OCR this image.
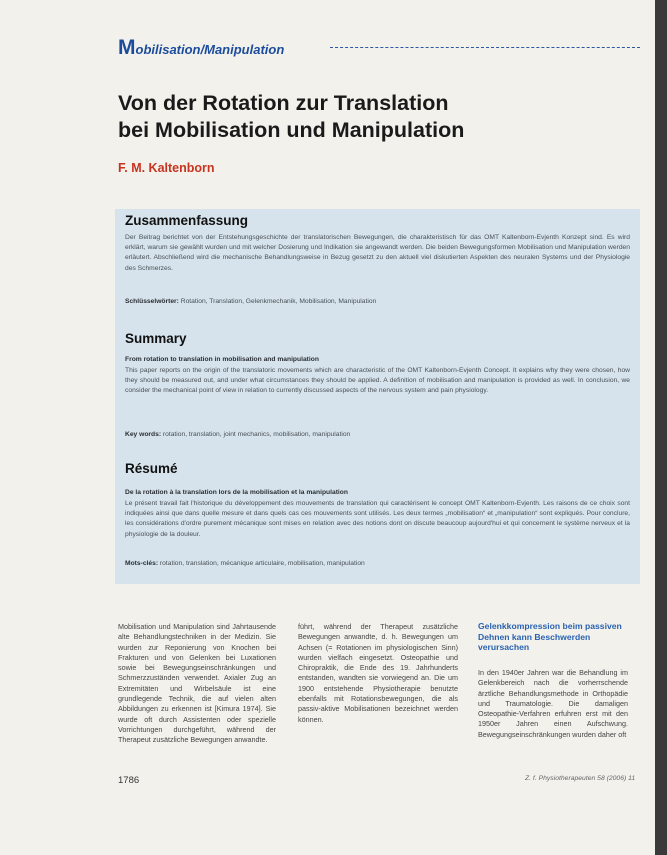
Mobilisation/Manipulation
Von der Rotation zur Translation
bei Mobilisation und Manipulation
F. M. Kaltenborn
Zusammenfassung

Der Beitrag berichtet von der Entstehungsgeschichte der translatorischen Bewegungen, die charakteristisch für das OMT Kaltenborn-Evjenth Konzept sind. Es wird erklärt, warum sie gewählt wurden und mit welcher Dosierung und Indikation sie angewandt werden. Die beiden Bewegungsformen Mobilisation und Manipulation werden erläutert. Abschließend wird die mechanische Behandlungsweise in Bezug gesetzt zu den aktuell viel diskutierten Aspekten des neuralen Systems und der Physiologie des Schmerzes.

Schlüsselwörter: Rotation, Translation, Gelenkmechanik, Mobilisation, Manipulation

Summary

From rotation to translation in mobilisation and manipulation

This paper reports on the origin of the translatoric movements which are characteristic of the OMT Kaltenborn-Evjenth Concept. It explains why they were chosen, how they should be measured out, and under what circumstances they should be applied. A definition of mobilisation and manipulation is provided as well. In conclusion, we consider the mechanical point of view in relation to currently discussed aspects of the nervous system and pain physiology.

Key words: rotation, translation, joint mechanics, mobilisation, manipulation

Résumé

De la rotation à la translation lors de la mobilisation et la manipulation

Le présent travail fait l'historique du développement des mouvements de translation qui caractérisent le concept OMT Kaltenborn-Evjenth. Les raisons de ce choix sont indiquées ainsi que dans quelle mesure et dans quels cas ces mouvements sont utilisés. Les deux termes „mobilisation“ et „manipulation“ sont expliqués. Pour conclure, les considérations d'ordre purement mécanique sont mises en relation avec des notions dont on discute beaucoup aujourd'hui et qui concernent le système nerveux et la physiologie de la douleur.

Mots-clés: rotation, translation, mécanique articulaire, mobilisation, manipulation

Mobilisation und Manipulation sind Jahrtausende alte Behandlungstechniken in der Medizin. Sie wurden zur Reponierung von Knochen bei Frakturen und von Gelenken bei Luxationen sowie bei Bewegungseinschränkungen und Schmerzzuständen verwendet. Axialer Zug an Extremitäten und Wirbelsäule ist eine grundlegende Technik, die auf vielen alten Abbildungen zu erkennen ist [Kimura 1974]. Sie wurde oft durch Assistenten oder spezielle Vorrichtungen durchgeführt, während der Therapeut zusätzliche Bewegungen anwandte.

führt, während der Therapeut zusätzliche Bewegungen anwandte, d. h. Bewegungen um Achsen (= Rotationen im physiologischen Sinn) wurden vielfach eingesetzt. Osteopathie und Chiropraktik, die Ende des 19. Jahrhunderts entstanden, wandten sie vorwiegend an. Die um 1900 entstehende Physiotherapie benutzte ebenfalls mit Rotationsbewegungen, die als passiv-aktive Mobilisationen bezeichnet werden können.

Gelenkkompression beim passiven Dehnen kann Beschwerden verursachen

In den 1940er Jahren war die Behandlung im Gelenkbereich nach die vorherrschende ärztliche Behandlungsmethode in Orthopädie und Traumatologie. Die damaligen Osteopathie-Verfahren erfuhren erst mit den 1950er Jahren einen Aufschwung. Bewegungseinschränkungen wurden daher oft

1786	Z. f. Physiotherapeuten 58 (2006) 11
